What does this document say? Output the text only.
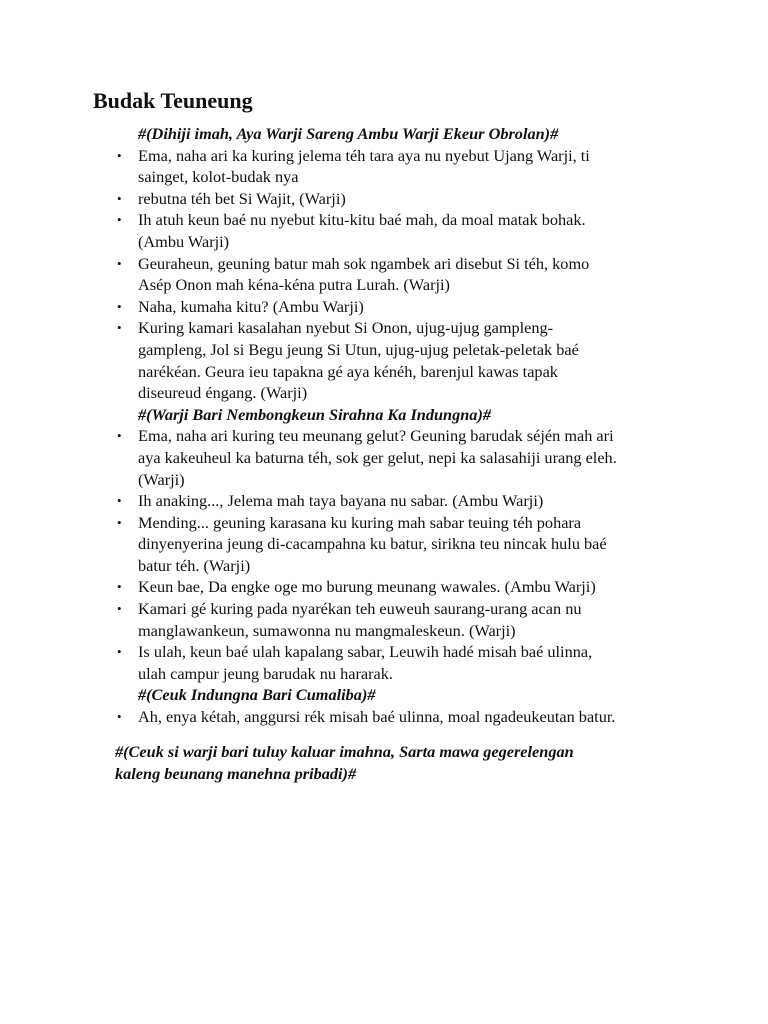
Budak Teuneung
#(Dihiji imah, Aya Warji Sareng Ambu Warji Ekeur Obrolan)#
• Ema, naha ari ka kuring jelema téh tara aya nu nyebut Ujang Warji, ti
sainget, kolot-budak nya
• rebutna téh bet Si Wajit, (Warji)
• Ih atuh keun baé nu nyebut kitu-kitu baé mah, da moal matak bohak.
(Ambu Warji)
• Geuraheun, geuning batur mah sok ngambek ari disebut Si téh, komo
Asép Onon mah kéna-kéna putra Lurah. (Warji)
• Naha, kumaha kitu? (Ambu Warji)
• Kuring kamari kasalahan nyebut Si Onon, ujug-ujug gampleng-
gampleng, Jol si Begu jeung Si Utun, ujug-ujug peletak-peletak baé
narékéan. Geura ieu tapakna gé aya kénéh, barenjul kawas tapak
diseureud éngang. (Warji)
#(Warji Bari Nembongkeun Sirahna Ka Indungna)#
• Ema, naha ari kuring teu meunang gelut? Geuning barudak séjén mah ari
aya kakeuheul ka baturna téh, sok ger gelut, nepi ka salasahiji urang eleh.
(Warji)
• Ih anaking..., Jelema mah taya bayana nu sabar. (Ambu Warji)
• Mending... geuning karasana ku kuring mah sabar teuing téh pohara
dinyenyerina jeung di-cacampahna ku batur, sirikna teu nincak hulu baé
batur téh. (Warji)
• Keun bae, Da engke oge mo burung meunang wawales. (Ambu Warji)
• Kamari gé kuring pada nyarékan teh euweuh saurang-urang acan nu
manglawankeun, sumawonna nu mangmaleskeun. (Warji)
• Is ulah, keun baé ulah kapalang sabar, Leuwih hadé misah baé ulinna,
ulah campur jeung barudak nu hararak.
#(Ceuk Indungna Bari Cumaliba)#
• Ah, enya kétah, anggursi rék misah baé ulinna, moal ngadeukeutan batur.
#(Ceuk si warji bari tuluy kaluar imahna, Sarta mawa gegerelengan
kaleng beunang manehna pribadi)#
